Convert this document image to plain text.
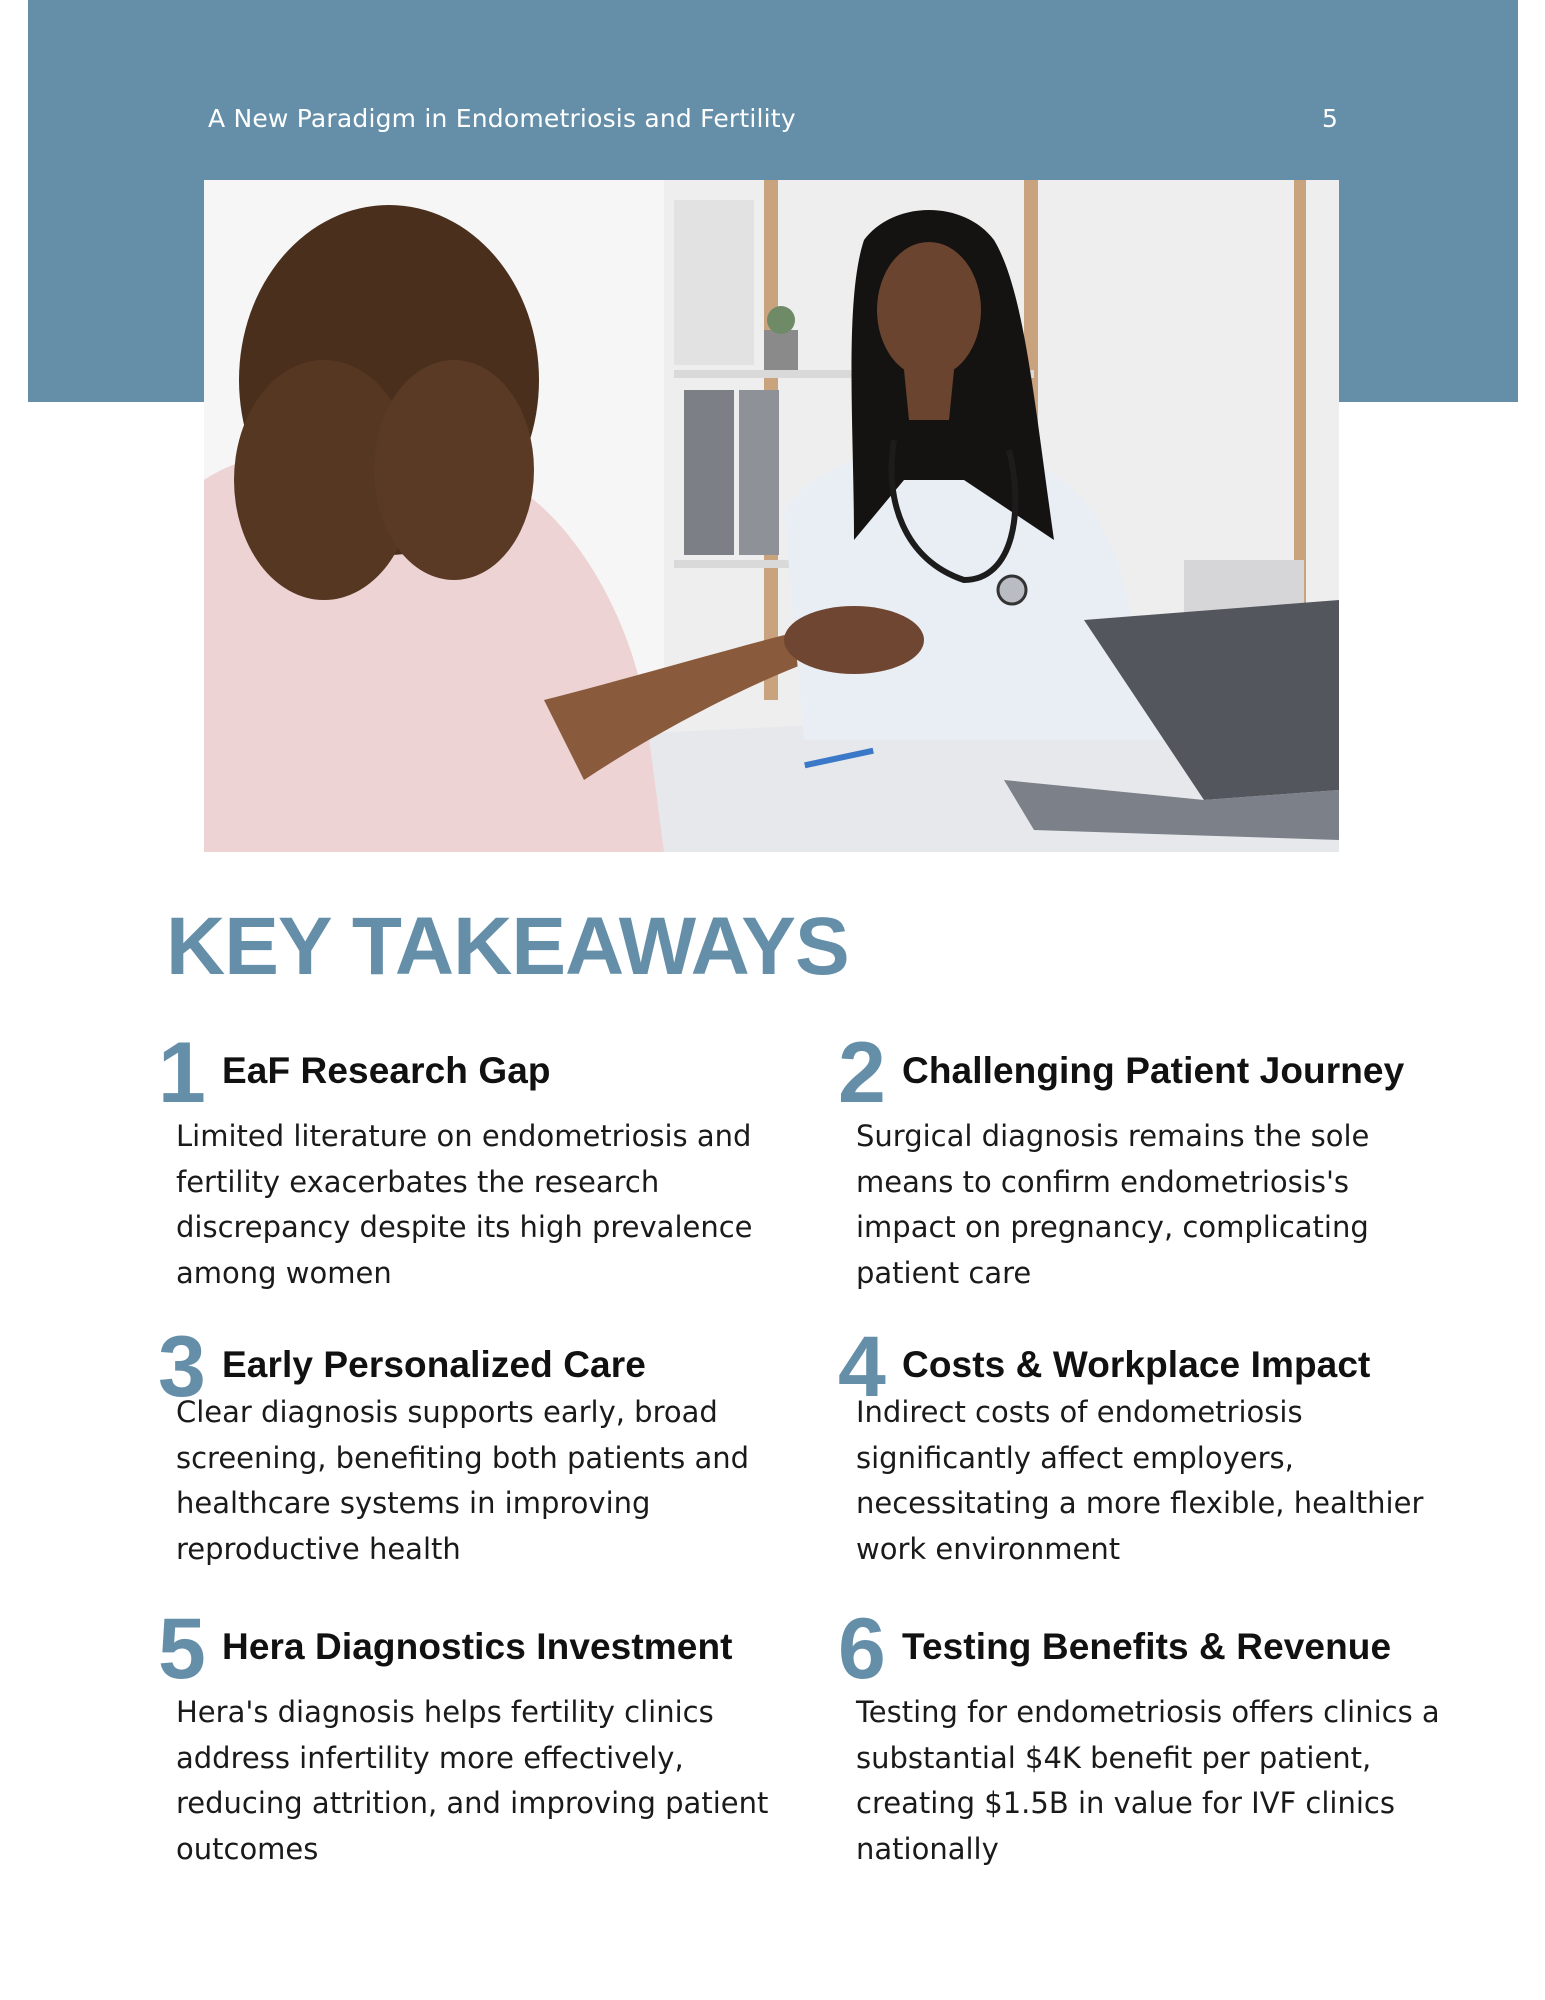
A New Paradigm in Endometriosis and Fertility	5
KEY TAKEAWAYS
1 EaF Research Gap
Limited literature on endometriosis and fertility exacerbates the research discrepancy despite its high prevalence among women
2 Challenging Patient Journey
Surgical diagnosis remains the sole means to confirm endometriosis's impact on pregnancy, complicating patient care
3 Early Personalized Care
Clear diagnosis supports early, broad screening, benefiting both patients and healthcare systems in improving reproductive health
4 Costs & Workplace Impact
Indirect costs of endometriosis significantly affect employers, necessitating a more flexible, healthier work environment
5 Hera Diagnostics Investment
Hera's diagnosis helps fertility clinics address infertility more effectively, reducing attrition, and improving patient outcomes
6 Testing Benefits & Revenue
Testing for endometriosis offers clinics a substantial $4K benefit per patient, creating $1.5B in value for IVF clinics nationally
